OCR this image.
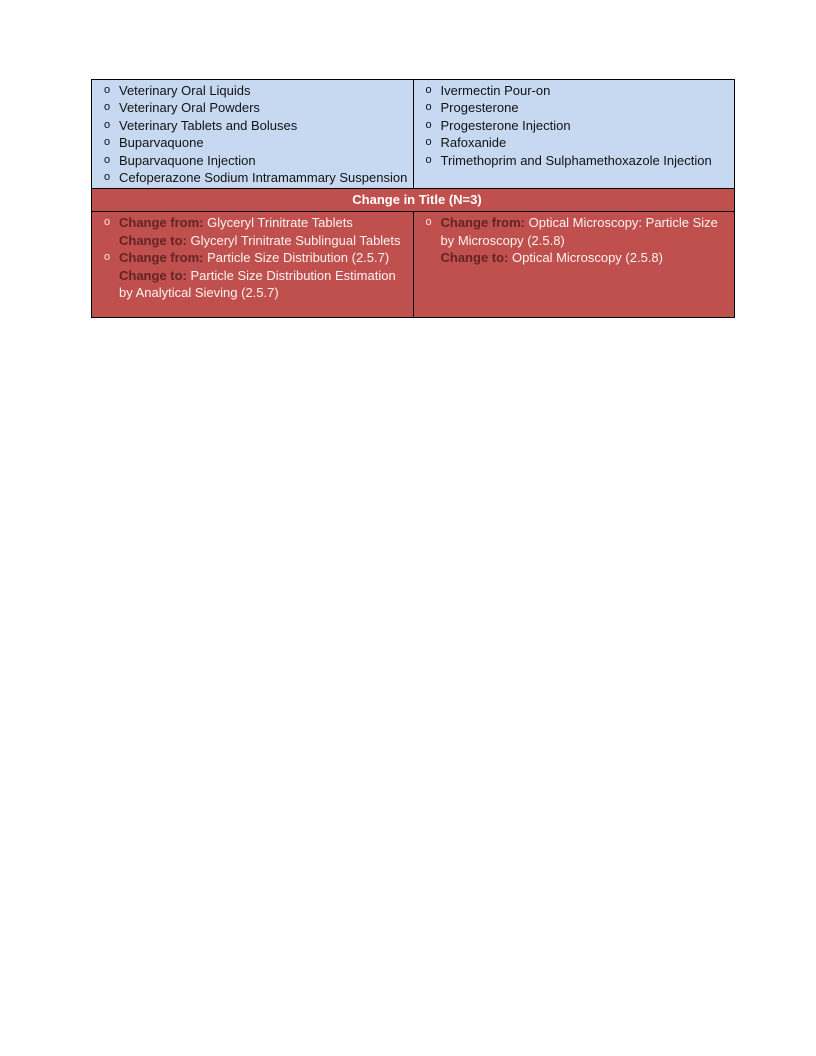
o Veterinary Oral Liquids
o Veterinary Oral Powders
o Veterinary Tablets and Boluses
o Buparvaquone
o Buparvaquone Injection
o Cefoperazone Sodium Intramammary Suspension

o Ivermectin Pour-on
o Progesterone
o Progesterone Injection
o Rafoxanide
o Trimethoprim and Sulphamethoxazole Injection

Change in Title (N=3)	

o Change from: Glyceryl Trinitrate Tablets
Change to: Glyceryl Trinitrate Sublingual Tablets
o Change from: Particle Size Distribution (2.5.7)
Change to: Particle Size Distribution Estimation by Analytical Sieving (2.5.7)

o Change from: Optical Microscopy: Particle Size by Microscopy (2.5.8)
Change to: Optical Microscopy (2.5.8)
